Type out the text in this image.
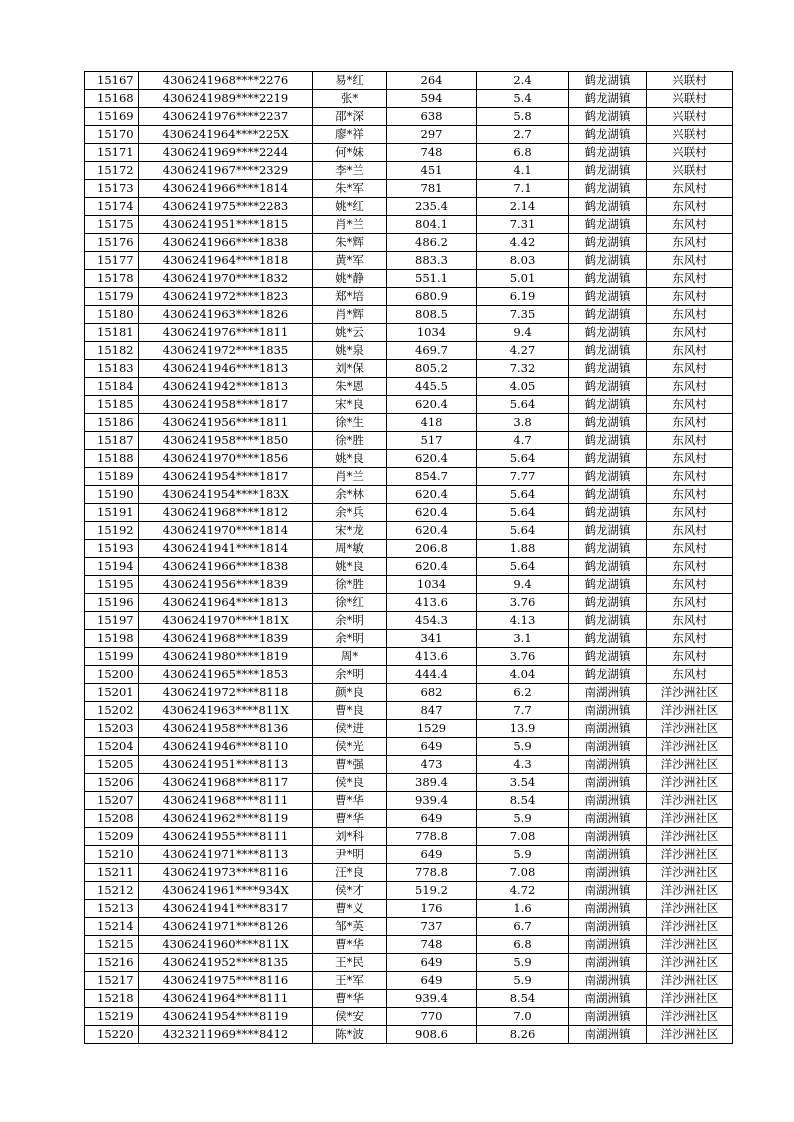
15167	4306241968****2276	易*红	264	2.4	鹤龙湖镇	兴联村
15168	4306241989****2219	张*	594	5.4	鹤龙湖镇	兴联村
15169	4306241976****2237	邵*深	638	5.8	鹤龙湖镇	兴联村
15170	4306241964****225X	廖*祥	297	2.7	鹤龙湖镇	兴联村
15171	4306241969****2244	何*妹	748	6.8	鹤龙湖镇	兴联村
15172	4306241967****2329	李*兰	451	4.1	鹤龙湖镇	兴联村
15173	4306241966****1814	朱*军	781	7.1	鹤龙湖镇	东风村
15174	4306241975****2283	姚*红	235.4	2.14	鹤龙湖镇	东风村
15175	4306241951****1815	肖*兰	804.1	7.31	鹤龙湖镇	东风村
15176	4306241966****1838	朱*辉	486.2	4.42	鹤龙湖镇	东风村
15177	4306241964****1818	黄*军	883.3	8.03	鹤龙湖镇	东风村
15178	4306241970****1832	姚*静	551.1	5.01	鹤龙湖镇	东风村
15179	4306241972****1823	郑*培	680.9	6.19	鹤龙湖镇	东风村
15180	4306241963****1826	肖*辉	808.5	7.35	鹤龙湖镇	东风村
15181	4306241976****1811	姚*云	1034	9.4	鹤龙湖镇	东风村
15182	4306241972****1835	姚*泉	469.7	4.27	鹤龙湖镇	东风村
15183	4306241946****1813	刘*保	805.2	7.32	鹤龙湖镇	东风村
15184	4306241942****1813	朱*恩	445.5	4.05	鹤龙湖镇	东风村
15185	4306241958****1817	宋*良	620.4	5.64	鹤龙湖镇	东风村
15186	4306241956****1811	徐*生	418	3.8	鹤龙湖镇	东风村
15187	4306241958****1850	徐*胜	517	4.7	鹤龙湖镇	东风村
15188	4306241970****1856	姚*良	620.4	5.64	鹤龙湖镇	东风村
15189	4306241954****1817	肖*兰	854.7	7.77	鹤龙湖镇	东风村
15190	4306241954****183X	余*林	620.4	5.64	鹤龙湖镇	东风村
15191	4306241968****1812	余*兵	620.4	5.64	鹤龙湖镇	东风村
15192	4306241970****1814	宋*龙	620.4	5.64	鹤龙湖镇	东风村
15193	4306241941****1814	周*敏	206.8	1.88	鹤龙湖镇	东风村
15194	4306241966****1838	姚*良	620.4	5.64	鹤龙湖镇	东风村
15195	4306241956****1839	徐*胜	1034	9.4	鹤龙湖镇	东风村
15196	4306241964****1813	徐*红	413.6	3.76	鹤龙湖镇	东风村
15197	4306241970****181X	余*明	454.3	4.13	鹤龙湖镇	东风村
15198	4306241968****1839	余*明	341	3.1	鹤龙湖镇	东风村
15199	4306241980****1819	周*	413.6	3.76	鹤龙湖镇	东风村
15200	4306241965****1853	余*明	444.4	4.04	鹤龙湖镇	东风村
15201	4306241972****8118	颜*良	682	6.2	南湖洲镇	洋沙洲社区
15202	4306241963****811X	曹*良	847	7.7	南湖洲镇	洋沙洲社区
15203	4306241958****8136	侯*进	1529	13.9	南湖洲镇	洋沙洲社区
15204	4306241946****8110	侯*光	649	5.9	南湖洲镇	洋沙洲社区
15205	4306241951****8113	曹*强	473	4.3	南湖洲镇	洋沙洲社区
15206	4306241968****8117	侯*良	389.4	3.54	南湖洲镇	洋沙洲社区
15207	4306241968****8111	曹*华	939.4	8.54	南湖洲镇	洋沙洲社区
15208	4306241962****8119	曹*华	649	5.9	南湖洲镇	洋沙洲社区
15209	4306241955****8111	刘*科	778.8	7.08	南湖洲镇	洋沙洲社区
15210	4306241971****8113	尹*明	649	5.9	南湖洲镇	洋沙洲社区
15211	4306241973****8116	汪*良	778.8	7.08	南湖洲镇	洋沙洲社区
15212	4306241961****934X	侯*才	519.2	4.72	南湖洲镇	洋沙洲社区
15213	4306241941****8317	曹*义	176	1.6	南湖洲镇	洋沙洲社区
15214	4306241971****8126	邹*英	737	6.7	南湖洲镇	洋沙洲社区
15215	4306241960****811X	曹*华	748	6.8	南湖洲镇	洋沙洲社区
15216	4306241952****8135	王*民	649	5.9	南湖洲镇	洋沙洲社区
15217	4306241975****8116	王*军	649	5.9	南湖洲镇	洋沙洲社区
15218	4306241964****8111	曹*华	939.4	8.54	南湖洲镇	洋沙洲社区
15219	4306241954****8119	侯*安	770	7.0	南湖洲镇	洋沙洲社区
15220	4323211969****8412	陈*波	908.6	8.26	南湖洲镇	洋沙洲社区
